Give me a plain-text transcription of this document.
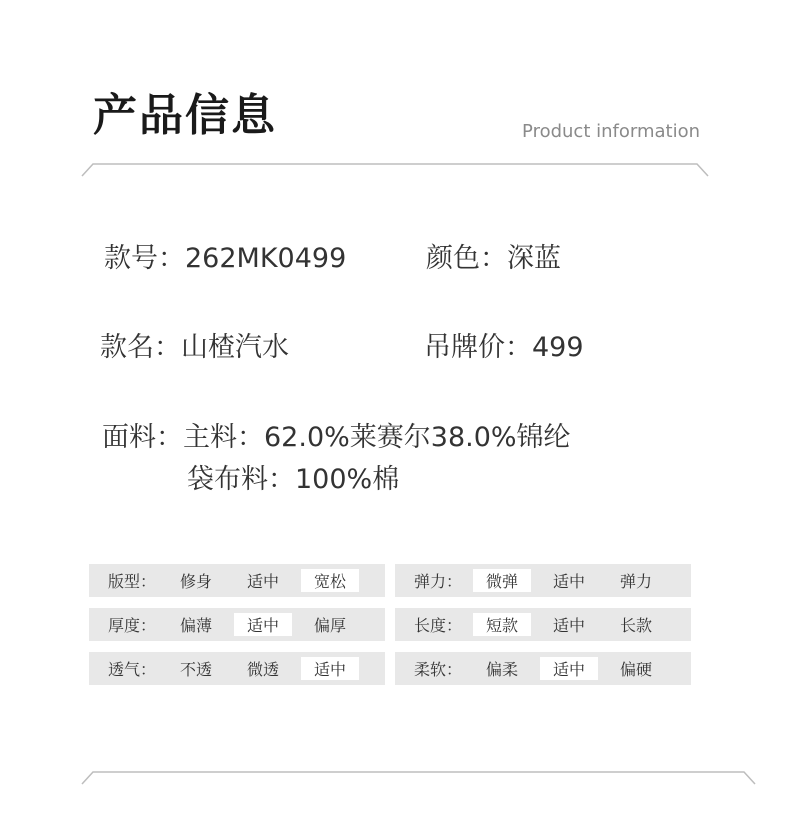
产品信息	Product information
款号：262MK0499	颜色：深蓝
款名：山楂汽水	吊牌价：499
面料：主料：62.0%莱赛尔38.0%锦纶
袋布料：100%棉
版型：	修身	适中	宽松
厚度：	偏薄	适中	偏厚
透气：	不透	微透	适中
弹力：	微弹	适中	弹力
长度：	短款	适中	长款
柔软：	偏柔	适中	偏硬
